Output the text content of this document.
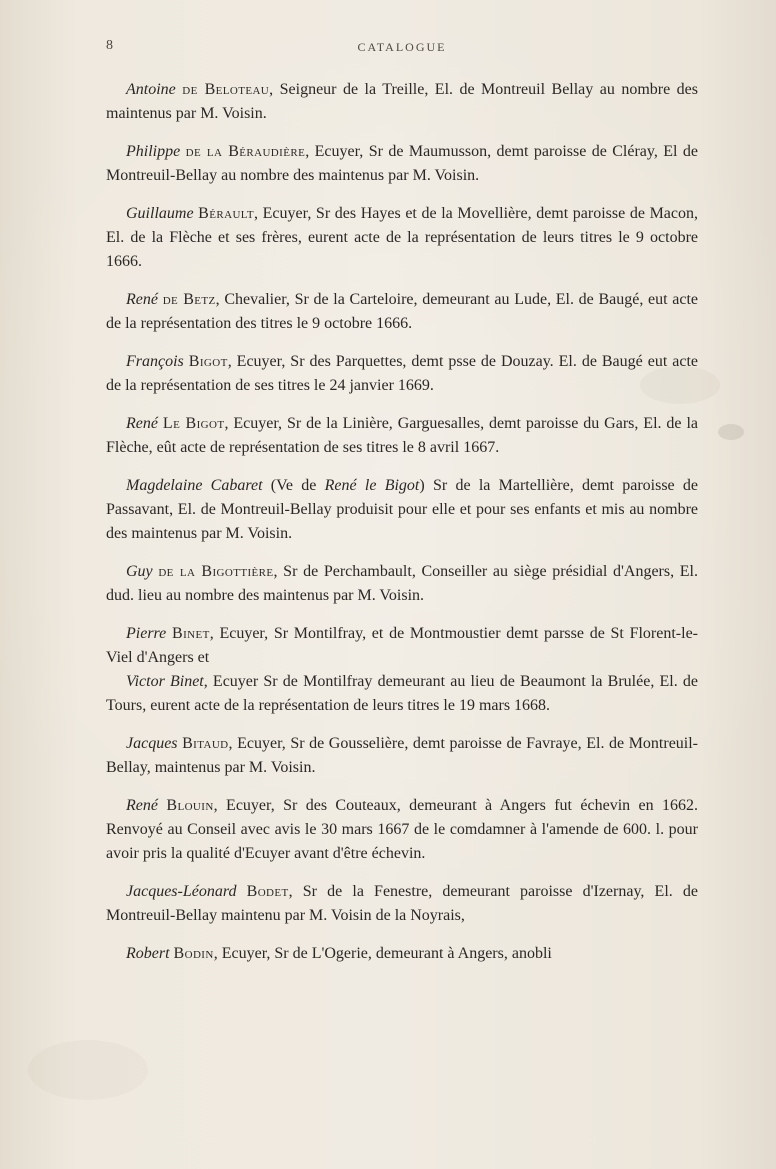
8	CATALOGUE

Antoine de Beloteau, Seigneur de la Treille, El. de Montreuil Bellay au nombre des maintenus par M. Voisin.

Philippe de la Béraudière, Ecuyer, Sr de Maumusson, demt paroisse de Cléray, El de Montreuil-Bellay au nombre des maintenus par M. Voisin.

Guillaume Bérault, Ecuyer, Sr des Hayes et de la Movellière, demt paroisse de Macon, El. de la Flèche et ses frères, eurent acte de la représentation de leurs titres le 9 octobre 1666.

René de Betz, Chevalier, Sr de la Carteloire, demeurant au Lude, El. de Baugé, eut acte de la représentation des titres le 9 octobre 1666.

François Bigot, Ecuyer, Sr des Parquettes, demt psse de Douzay. El. de Baugé eut acte de la représentation de ses titres le 24 janvier 1669.

René Le Bigot, Ecuyer, Sr de la Linière, Garguesalles, demt paroisse du Gars, El. de la Flèche, eût acte de représentation de ses titres le 8 avril 1667.

Magdelaine Cabaret (Ve de René le Bigot) Sr de la Martellière, demt paroisse de Passavant, El. de Montreuil-Bellay produisit pour elle et pour ses enfants et mis au nombre des maintenus par M. Voisin.

Guy de la Bigottière, Sr de Perchambault, Conseiller au siège présidial d'Angers, El. dud. lieu au nombre des maintenus par M. Voisin.

Pierre Binet, Ecuyer, Sr Montilfray, et de Montmoustier demt parsse de St Florent-le-Viel d'Angers et

Victor Binet, Ecuyer Sr de Montilfray demeurant au lieu de Beaumont la Brulée, El. de Tours, eurent acte de la représentation de leurs titres le 19 mars 1668.

Jacques Bitaud, Ecuyer, Sr de Gousselière, demt paroisse de Favraye, El. de Montreuil-Bellay, maintenus par M. Voisin.

René Blouin, Ecuyer, Sr des Couteaux, demeurant à Angers fut échevin en 1662. Renvoyé au Conseil avec avis le 30 mars 1667 de le comdamner à l'amende de 600. l. pour avoir pris la qualité d'Ecuyer avant d'être échevin.

Jacques-Léonard Bodet, Sr de la Fenestre, demeurant paroisse d'Izernay, El. de Montreuil-Bellay maintenu par M. Voisin de la Noyrais,

Robert Bodin, Ecuyer, Sr de L'Ogerie, demeurant à Angers, anobli
